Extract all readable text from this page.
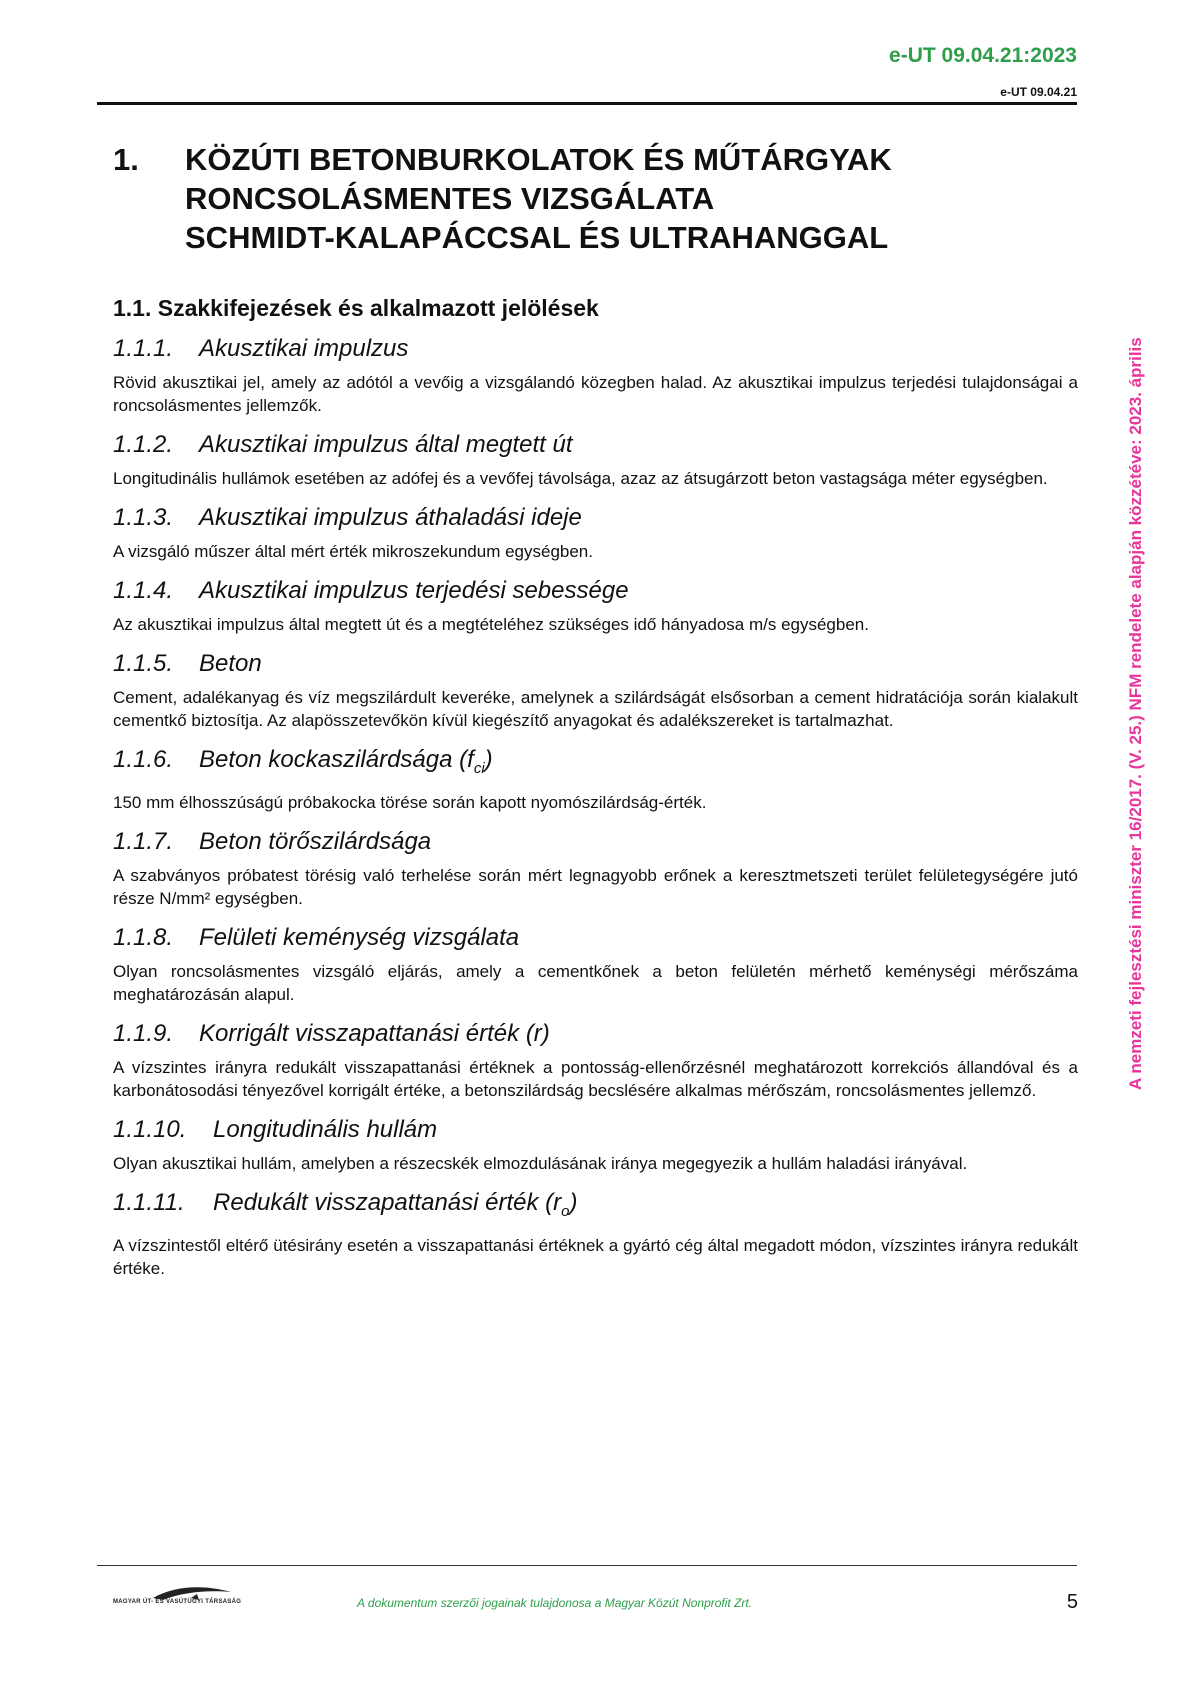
e-UT 09.04.21:2023
e-UT 09.04.21
A nemzeti fejlesztési miniszter 16/2017. (V. 25.) NFM rendelete alapján közzétéve: 2023. április
1.	KÖZÚTI BETONBURKOLATOK ÉS MŰTÁRGYAK
RONCSOLÁSMENTES VIZSGÁLATA
SCHMIDT-KALAPÁCCSAL ÉS ULTRAHANGGAL
1.1. Szakkifejezések és alkalmazott jelölések
1.1.1.	Akusztikai impulzus
Rövid akusztikai jel, amely az adótól a vevőig a vizsgálandó közegben halad. Az akusztikai impulzus terjedési tulajdonságai a roncsolásmentes jellemzők.
1.1.2.	Akusztikai impulzus által megtett út
Longitudinális hullámok esetében az adófej és a vevőfej távolsága, azaz az átsugárzott beton vastagsága méter egységben.
1.1.3.	Akusztikai impulzus áthaladási ideje
A vizsgáló műszer által mért érték mikroszekundum egységben.
1.1.4.	Akusztikai impulzus terjedési sebessége
Az akusztikai impulzus által megtett út és a megtételéhez szükséges idő hányadosa m/s egységben.
1.1.5.	Beton
Cement, adalékanyag és víz megszilárdult keveréke, amelynek a szilárdságát elsősorban a cement hidratációja során kialakult cementkő biztosítja. Az alapösszetevőkön kívül kiegészítő anyagokat és adalékszereket is tartalmazhat.
1.1.6.	Beton kockaszilárdsága $(f_{ci})$
150 mm élhosszúságú próbakocka törése során kapott nyomószilárdság-érték.
1.1.7.	Beton törőszilárdsága
A szabványos próbatest törésig való terhelése során mért legnagyobb erőnek a keresztmetszeti terület felületegységére jutó része N/mm² egységben.
1.1.8.	Felületi keménység vizsgálata
Olyan roncsolásmentes vizsgáló eljárás, amely a cementkőnek a beton felületén mérhető keménységi mérőszáma meghatározásán alapul.
1.1.9.	Korrigált visszapattanási érték (r)
A vízszintes irányra redukált visszapattanási értéknek a pontosság-ellenőrzésnél meghatározott korrekciós állandóval és a karbonátosodási tényezővel korrigált értéke, a betonszilárdság becslésére alkalmas mérőszám, roncsolásmentes jellemző.
1.1.10.	Longitudinális hullám
Olyan akusztikai hullám, amelyben a részecskék elmozdulásának iránya megegyezik a hullám haladási irányával.
1.1.11.	Redukált visszapattanási érték $(r_o)$
A vízszintestől eltérő ütésirány esetén a visszapattanási értéknek a gyártó cég által megadott módon, vízszintes irányra redukált értéke.
MAGYAR ÚT- ÉS VASÚTÜGYI TÁRSASÁG	A dokumentum szerzői jogainak tulajdonosa a Magyar Közút Nonprofit Zrt.	5
